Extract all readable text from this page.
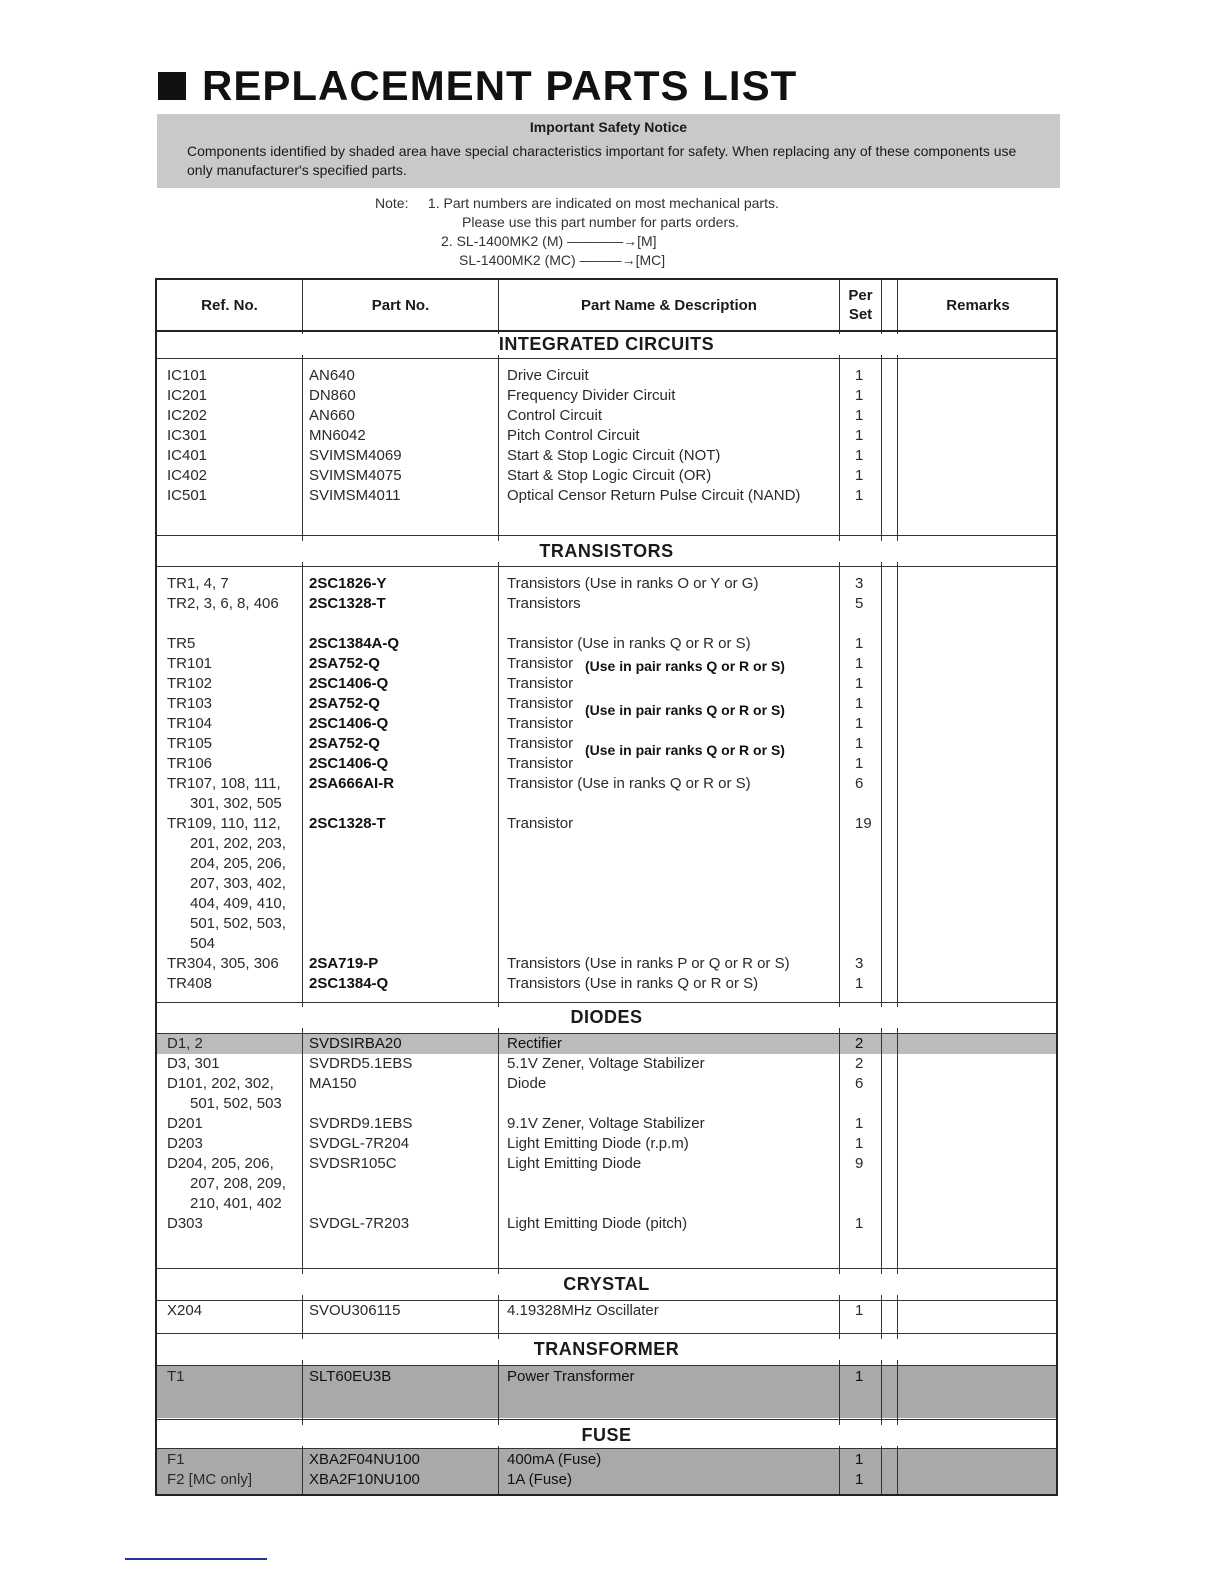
REPLACEMENT PARTS LIST
Important Safety Notice
Components identified by shaded area have special characteristics important for safety. When replacing any of these components use only manufacturer's specified parts.
Note: 1. Part numbers are indicated on most mechanical parts.
Please use this part number for parts orders.
2. SL-1400MK2 (M) ————→[M]
SL-1400MK2 (MC) ———→[MC]
Ref. No.	Part No.	Part Name & Description
Per
Set
Remarks
INTEGRATED CIRCUITS
TRANSISTORS
DIODES
CRYSTAL
TRANSFORMER
FUSE
(Use in pair ranks Q or R or S)
(Use in pair ranks Q or R or S)
(Use in pair ranks Q or R or S)
IC101	AN640	Drive Circuit	1
IC201	DN860	Frequency Divider Circuit	1
IC202	AN660	Control Circuit	1
IC301	MN6042	Pitch Control Circuit	1
IC401	SVIMSM4069	Start & Stop Logic Circuit (NOT)	1
IC402	SVIMSM4075	Start & Stop Logic Circuit (OR)	1
IC501	SVIMSM4011	Optical Censor Return Pulse Circuit (NAND)	1
TR1, 4, 7	2SC1826-Y	Transistors (Use in ranks O or Y or G)	3
TR2, 3, 6, 8, 406 2SC1328-T	Transistors	5
TR5	2SC1384A-Q	Transistor (Use in ranks Q or R or S)	1
TR101	2SA752-Q	Transistor	1
TR102	2SC1406-Q	Transistor	1
TR103	2SA752-Q	Transistor	1
TR104	2SC1406-Q	Transistor	1
TR105	2SA752-Q	Transistor	1
TR106	2SC1406-Q	Transistor	1
TR107, 108, 111, 2SA666AI-R	Transistor (Use in ranks Q or R or S)	6
301, 302, 505
TR109, 110, 112, 2SC1328-T	Transistor	19
201, 202, 203,
204, 205, 206,
207, 303, 402,
404, 409, 410,
501, 502, 503,
504
TR304, 305, 306 2SA719-P	Transistors (Use in ranks P or Q or R or S)	3
TR408	2SC1384-Q	Transistors (Use in ranks Q or R or S)	1
D1, 2	SVDSIRBA20	Rectifier	2
D3, 301	SVDRD5.1EBS	5.1V Zener, Voltage Stabilizer	2
D101, 202, 302, MA150	Diode	6
501, 502, 503
D201	SVDRD9.1EBS	9.1V Zener, Voltage Stabilizer	1
D203	SVDGL-7R204	Light Emitting Diode (r.p.m)	1
D204, 205, 206, SVDSR105C	Light Emitting Diode	9
207, 208, 209,
210, 401, 402
D303	SVDGL-7R203	Light Emitting Diode (pitch)	1
X204	SVOU306115	4.19328MHz Oscillater	1
T1	SLT60EU3B	Power Transformer	1
F1	XBA2F04NU100	400mA (Fuse)	1
F2 [MC only]	XBA2F10NU100	1A (Fuse)	1
